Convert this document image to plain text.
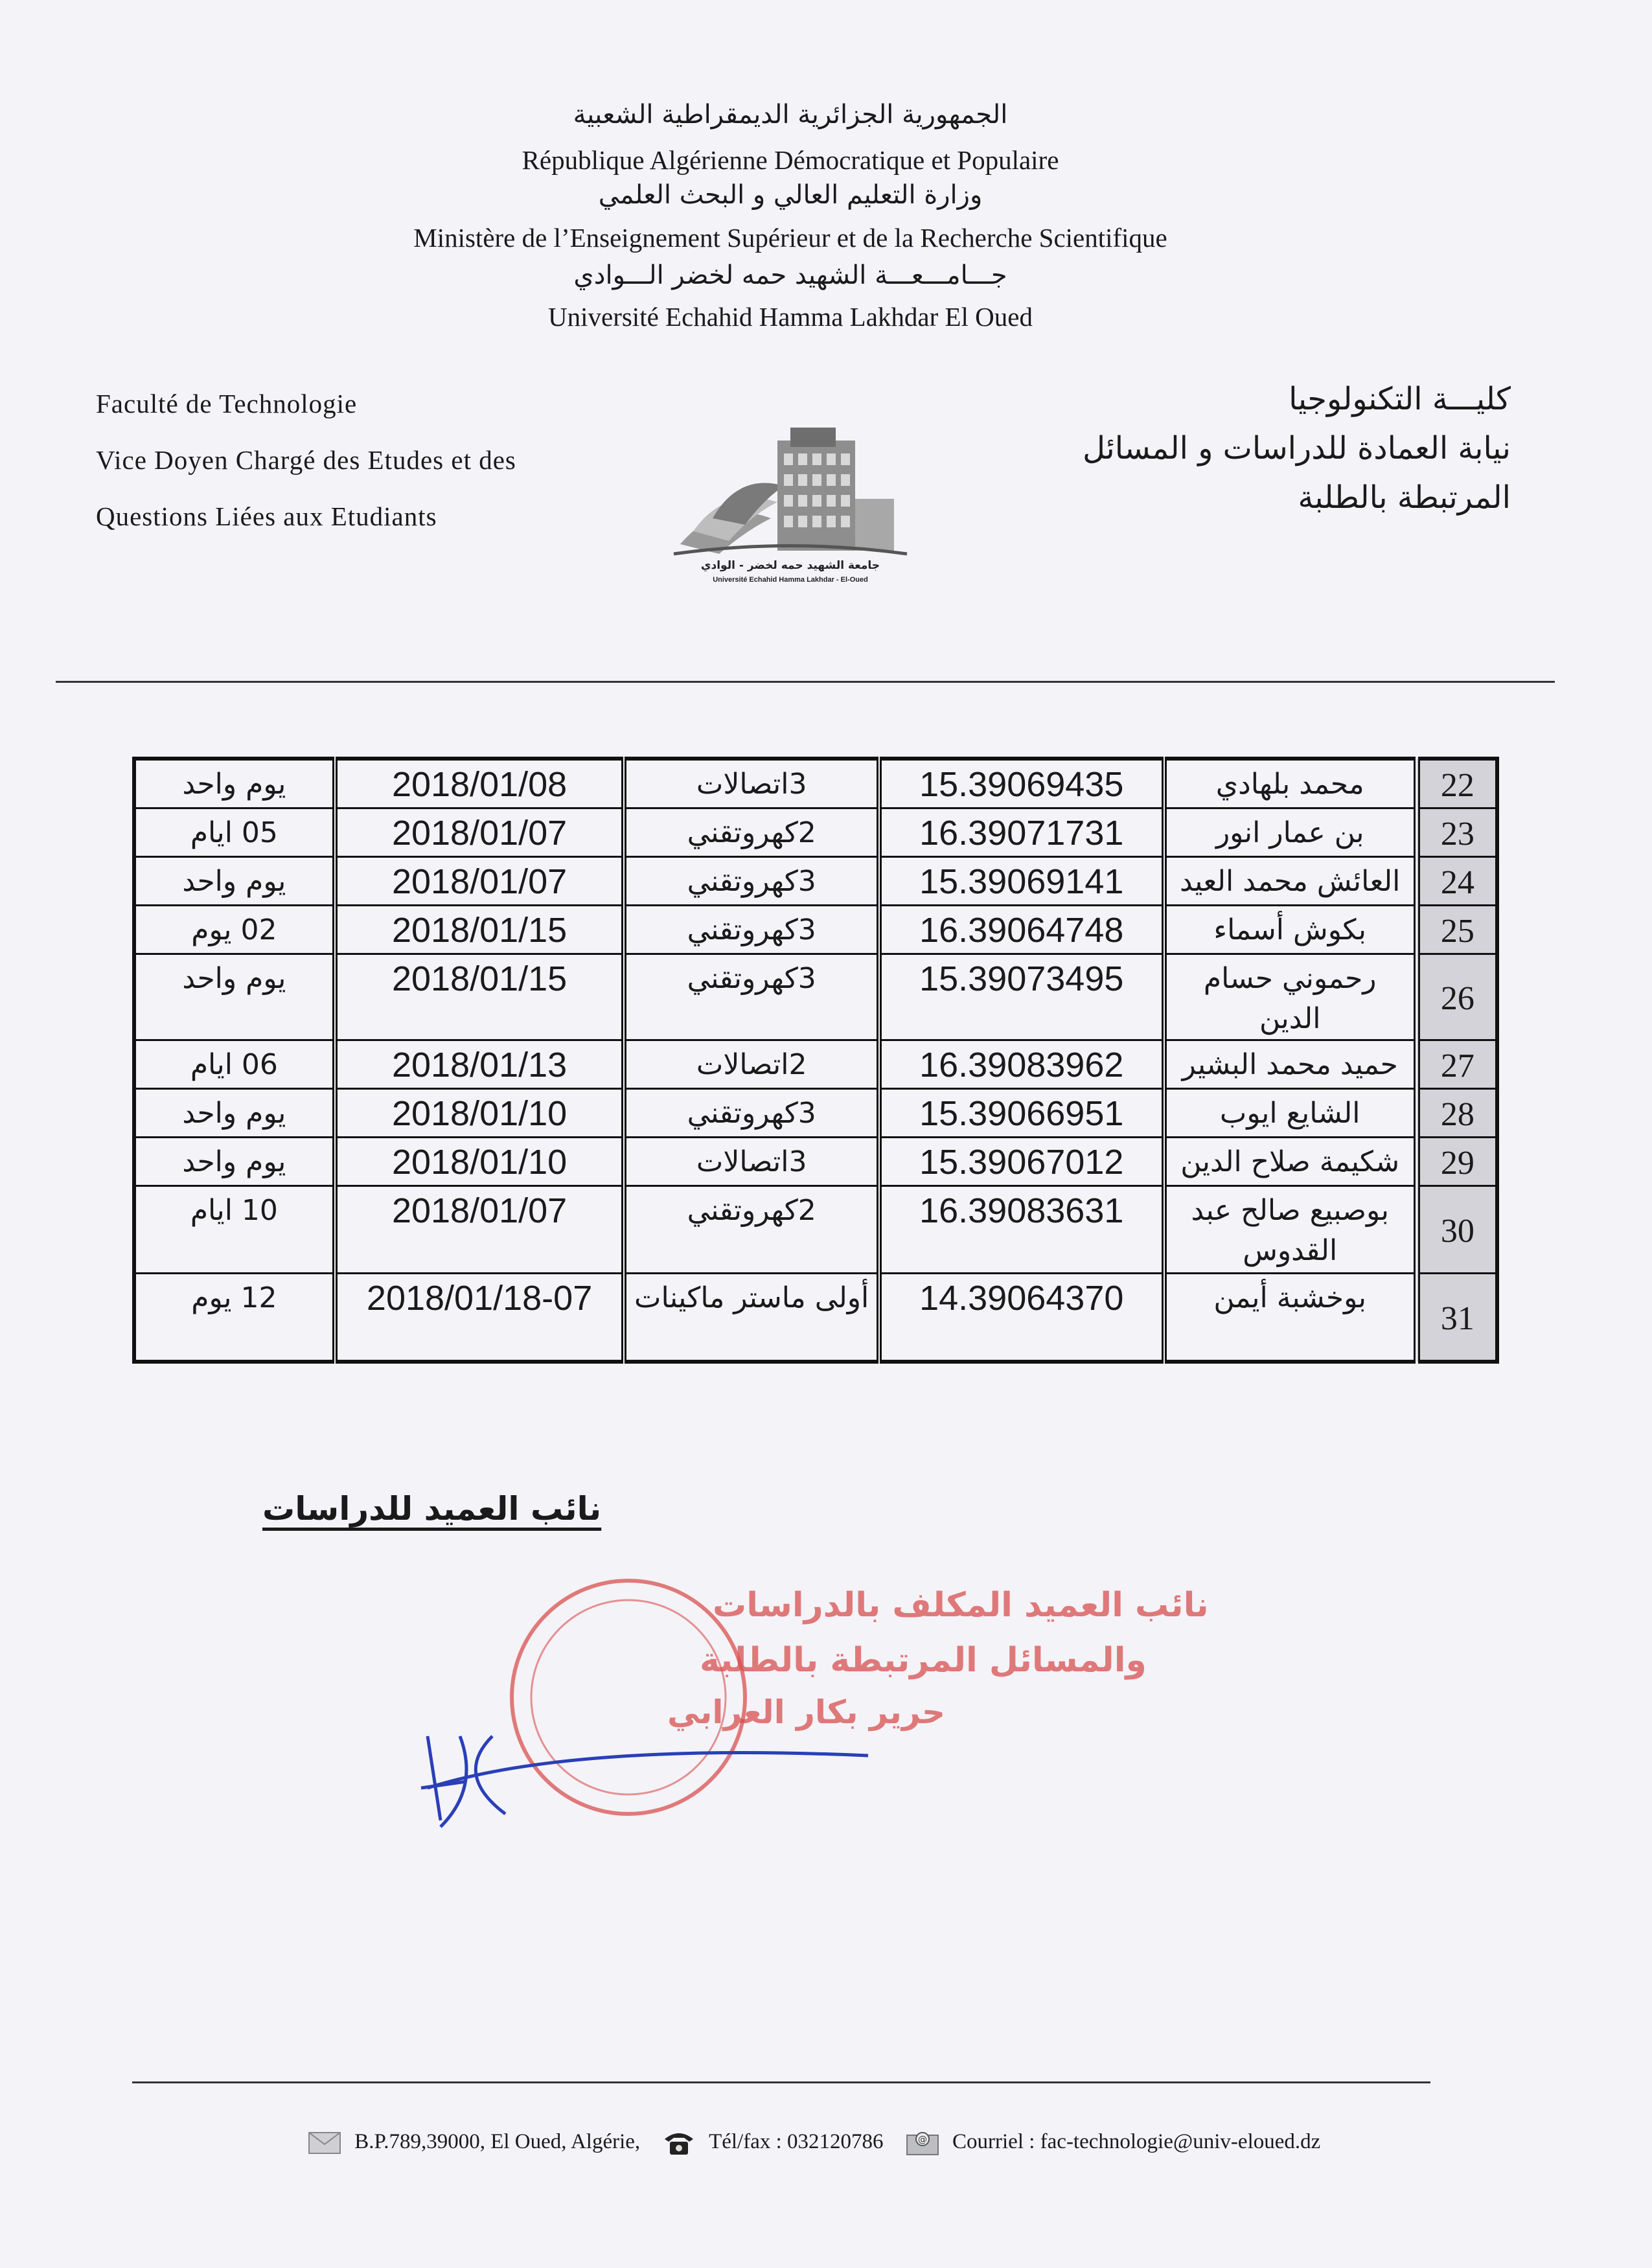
الجمهورية الجزائرية الديمقراطية الشعبية
République Algérienne Démocratique et Populaire
وزارة التعليم العالي و البحث العلمي
Ministère de l’Enseignement Supérieur et de la Recherche Scientifique
جـــامـــعـــة الشهيد حمه لخضر الـــوادي
Université Echahid Hamma Lakhdar El Oued
Faculté de Technologie
Vice Doyen Chargé des Etudes et des
Questions Liées aux Etudiants
كليـــة التكنولوجيا
نيابة العمادة للدراسات و المسائل
المرتبطة بالطلبة
جامعة الشهيد حمه لخضر - الوادي
Université Echahid Hamma Lakhdar - El-Oued
22	محمد بلهادي	15.39069435	3اتصالات	2018/01/08	يوم واحد
23	بن عمار انور	16.39071731	2كهروتقني	2018/01/07	05 ايام
24	العائش محمد العيد	15.39069141	3كهروتقني	2018/01/07	يوم واحد
25	بكوش أسماء	16.39064748	3كهروتقني	2018/01/15	02 يوم
26	رحموني حسام الدين	15.39073495	3كهروتقني	2018/01/15	يوم واحد
27	حميد محمد البشير	16.39083962	2اتصالات	2018/01/13	06 ايام
28	الشايع ايوب	15.39066951	3كهروتقني	2018/01/10	يوم واحد
29	شكيمة صلاح الدين	15.39067012	3اتصالات	2018/01/10	يوم واحد
30	بوصبيع صالح عبد القدوس	16.39083631	2كهروتقني	2018/01/07	10 ايام
31	بوخشبة أيمن	14.39064370	أولى ماستر ماكينات	2018/01/18-07	12 يوم
نائب العميد للدراسات
نائب العميد المكلف بالدراسات
والمسائل المرتبطة بالطلبة
حرير بكار العرابي
B.P.789,39000, El Oued, Algérie,	Tél/fax : 032120786	@ Courriel : fac-technologie@univ-eloued.dz
